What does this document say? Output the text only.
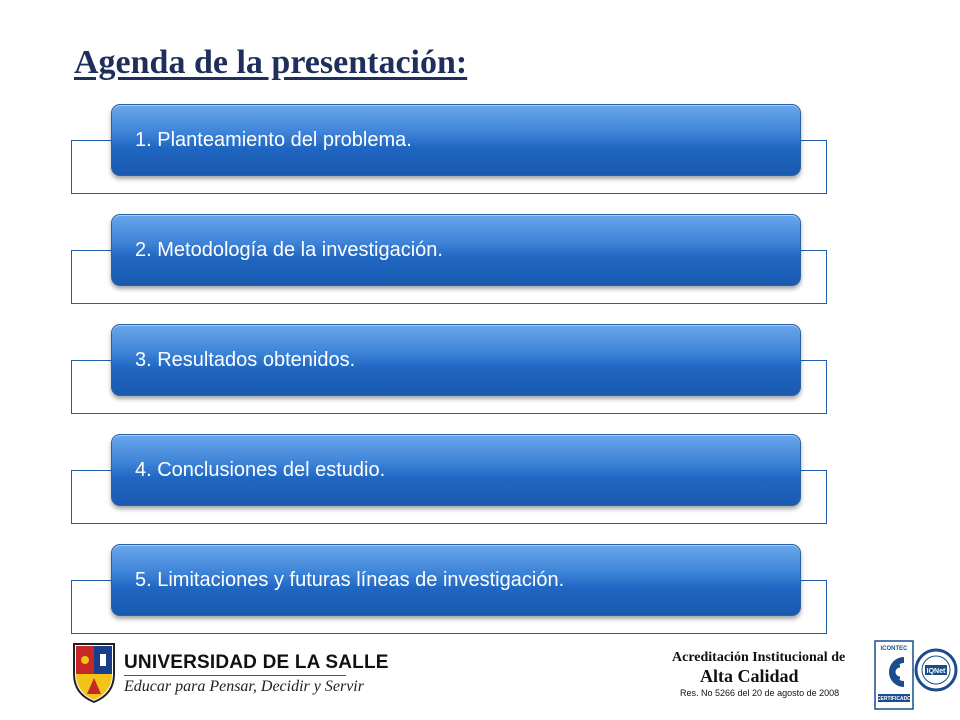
Agenda de la presentación:
1. Planteamiento del problema.
2. Metodología de la investigación.
3. Resultados obtenidos.
4. Conclusiones del estudio.
5. Limitaciones y futuras líneas de investigación.
UNIVERSIDAD DE LA SALLE
Educar para Pensar, Decidir y Servir
Acreditación Institucional de
Alta Calidad
Res. No 5266 del 20 de agosto de 2008
ICONTEC
CERTIFICADO
IQNet
